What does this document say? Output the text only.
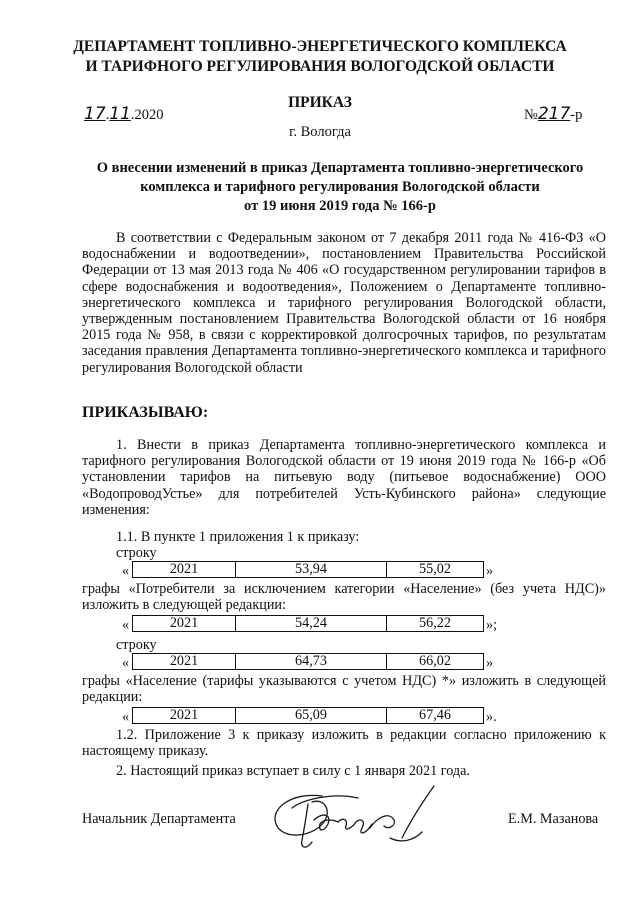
ДЕПАРТАМЕНТ ТОПЛИВНО-ЭНЕРГЕТИЧЕСКОГО КОМПЛЕКСА
И ТАРИФНОГО РЕГУЛИРОВАНИЯ ВОЛОГОДСКОЙ ОБЛАСТИ
ПРИКАЗ
17.11.2020	№217-р
г. Вологда
О внесении изменений в приказ Департамента топливно-энергетического
комплекса и тарифного регулирования Вологодской области
от 19 июня 2019 года № 166-р
В соответствии с Федеральным законом от 7 декабря 2011 года № 416-ФЗ «О водоснабжении и водоотведении», постановлением Правительства Российской Федерации от 13 мая 2013 года № 406 «О государственном регулировании тарифов в сфере водоснабжения и водоотведения», Положением о Департаменте топливно-энергетического комплекса и тарифного регулирования Вологодской области, утвержденным постановлением Правительства Вологодской области от 16 ноября 2015 года № 958, в связи с корректировкой долгосрочных тарифов, по результатам заседания правления Департамента топливно-энергетического комплекса и тарифного регулирования Вологодской области
ПРИКАЗЫВАЮ:
1. Внести в приказ Департамента топливно-энергетического комплекса и тарифного регулирования Вологодской области от 19 июня 2019 года № 166-р «Об установлении тарифов на питьевую воду (питьевое водоснабжение) ООО «ВодопроводУстье» для потребителей Усть-Кубинского района» следующие изменения:
1.1. В пункте 1 приложения 1 к приказу:
строку
«	2021	53,94	55,02 »
графы «Потребители за исключением категории «Население» (без учета НДС)» изложить в следующей редакции:
«	2021	54,24	56,22 »;
строку
«	2021	64,73	66,02 »
графы «Население (тарифы указываются с учетом НДС) *» изложить в следующей редакции:
«	2021	65,09	67,46 ».
1.2. Приложение 3 к приказу изложить в редакции согласно приложению к настоящему приказу.
2. Настоящий приказ вступает в силу с 1 января 2021 года.
Начальник Департамента	Е.М. Мазанова
